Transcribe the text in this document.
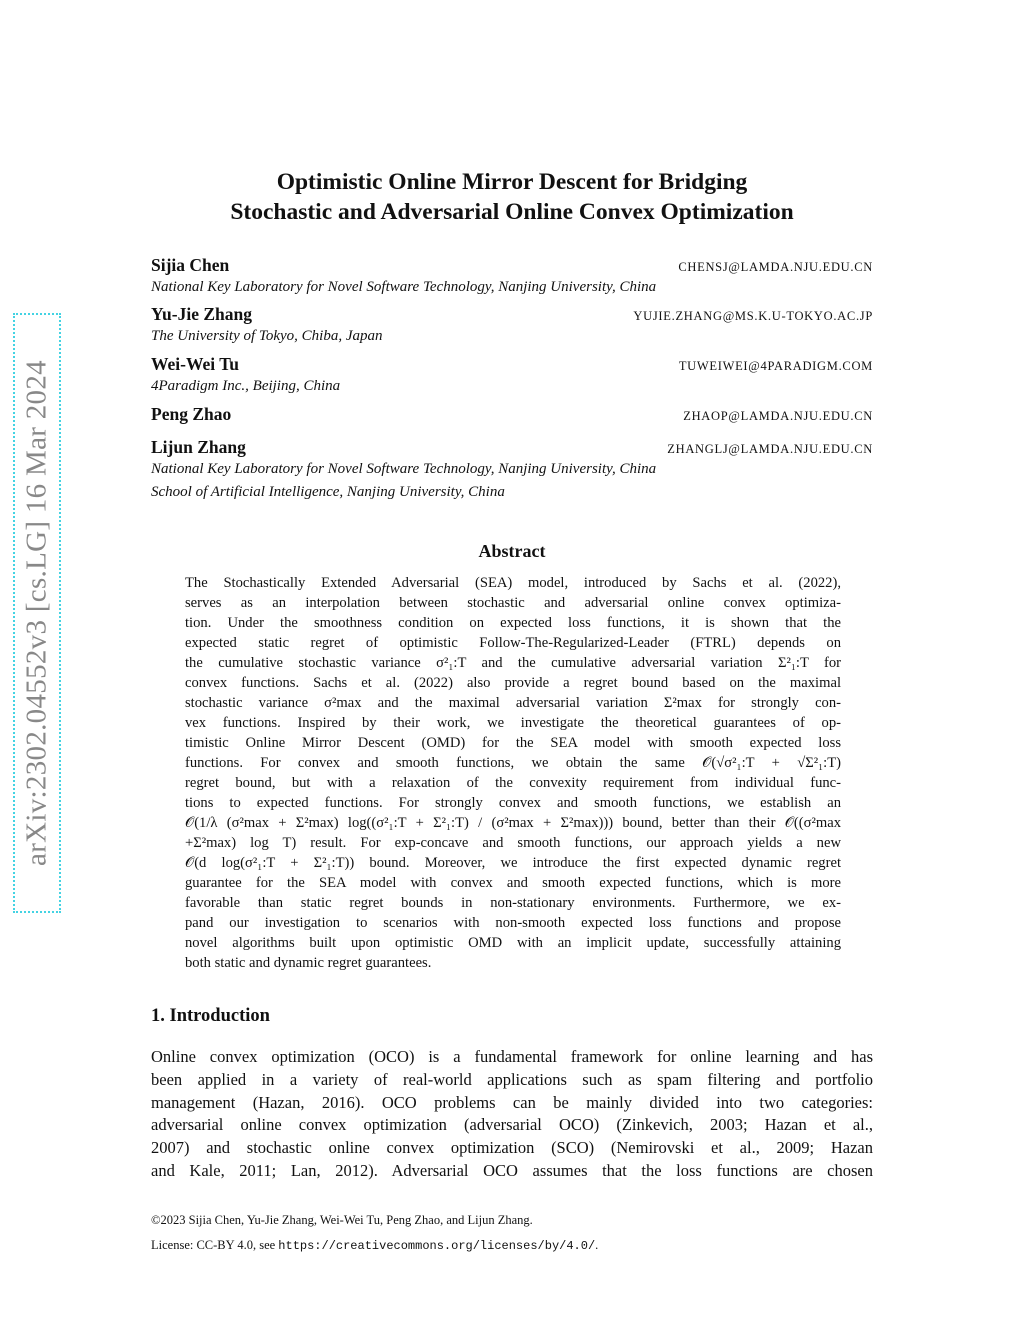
arXiv:2302.04552v3 [cs.LG] 16 Mar 2024
Optimistic Online Mirror Descent for Bridging
Stochastic and Adversarial Online Convex Optimization
Sijia Chen	CHENSJ@LAMDA.NJU.EDU.CN
National Key Laboratory for Novel Software Technology, Nanjing University, China
Yu-Jie Zhang	YUJIE.ZHANG@MS.K.U-TOKYO.AC.JP
The University of Tokyo, Chiba, Japan
Wei-Wei Tu	TUWEIWEI@4PARADIGM.COM
4Paradigm Inc., Beijing, China
Peng Zhao	ZHAOP@LAMDA.NJU.EDU.CN
Lijun Zhang	ZHANGLJ@LAMDA.NJU.EDU.CN
National Key Laboratory for Novel Software Technology, Nanjing University, China
School of Artificial Intelligence, Nanjing University, China
Abstract
The Stochastically Extended Adversarial (SEA) model, introduced by Sachs et al. (2022),
serves as an interpolation between stochastic and adversarial online convex optimiza-
tion. Under the smoothness condition on expected loss functions, it is shown that the
expected static regret of optimistic Follow-The-Regularized-Leader (FTRL) depends on
the cumulative stochastic variance σ²₁:T and the cumulative adversarial variation Σ²₁:T for
convex functions. Sachs et al. (2022) also provide a regret bound based on the maximal
stochastic variance σ²max and the maximal adversarial variation Σ²max for strongly con-
vex functions. Inspired by their work, we investigate the theoretical guarantees of op-
timistic Online Mirror Descent (OMD) for the SEA model with smooth expected loss
functions. For convex and smooth functions, we obtain the same 𝒪(√σ²₁:T + √Σ²₁:T)
regret bound, but with a relaxation of the convexity requirement from individual func-
tions to expected functions. For strongly convex and smooth functions, we establish an
𝒪(1/λ (σ²max + Σ²max) log((σ²₁:T + Σ²₁:T) / (σ²max + Σ²max))) bound, better than their 𝒪((σ²max
+Σ²max) log T) result. For exp-concave and smooth functions, our approach yields a new
𝒪(d log(σ²₁:T + Σ²₁:T)) bound. Moreover, we introduce the first expected dynamic regret
guarantee for the SEA model with convex and smooth expected functions, which is more
favorable than static regret bounds in non-stationary environments. Furthermore, we ex-
pand our investigation to scenarios with non-smooth expected loss functions and propose
novel algorithms built upon optimistic OMD with an implicit update, successfully attaining
both static and dynamic regret guarantees.
1. Introduction
Online convex optimization (OCO) is a fundamental framework for online learning and has
been applied in a variety of real-world applications such as spam filtering and portfolio
management (Hazan, 2016). OCO problems can be mainly divided into two categories:
adversarial online convex optimization (adversarial OCO) (Zinkevich, 2003; Hazan et al.,
2007) and stochastic online convex optimization (SCO) (Nemirovski et al., 2009; Hazan
and Kale, 2011; Lan, 2012). Adversarial OCO assumes that the loss functions are chosen
©2023 Sijia Chen, Yu-Jie Zhang, Wei-Wei Tu, Peng Zhao, and Lijun Zhang.
License: CC-BY 4.0, see https://creativecommons.org/licenses/by/4.0/.
